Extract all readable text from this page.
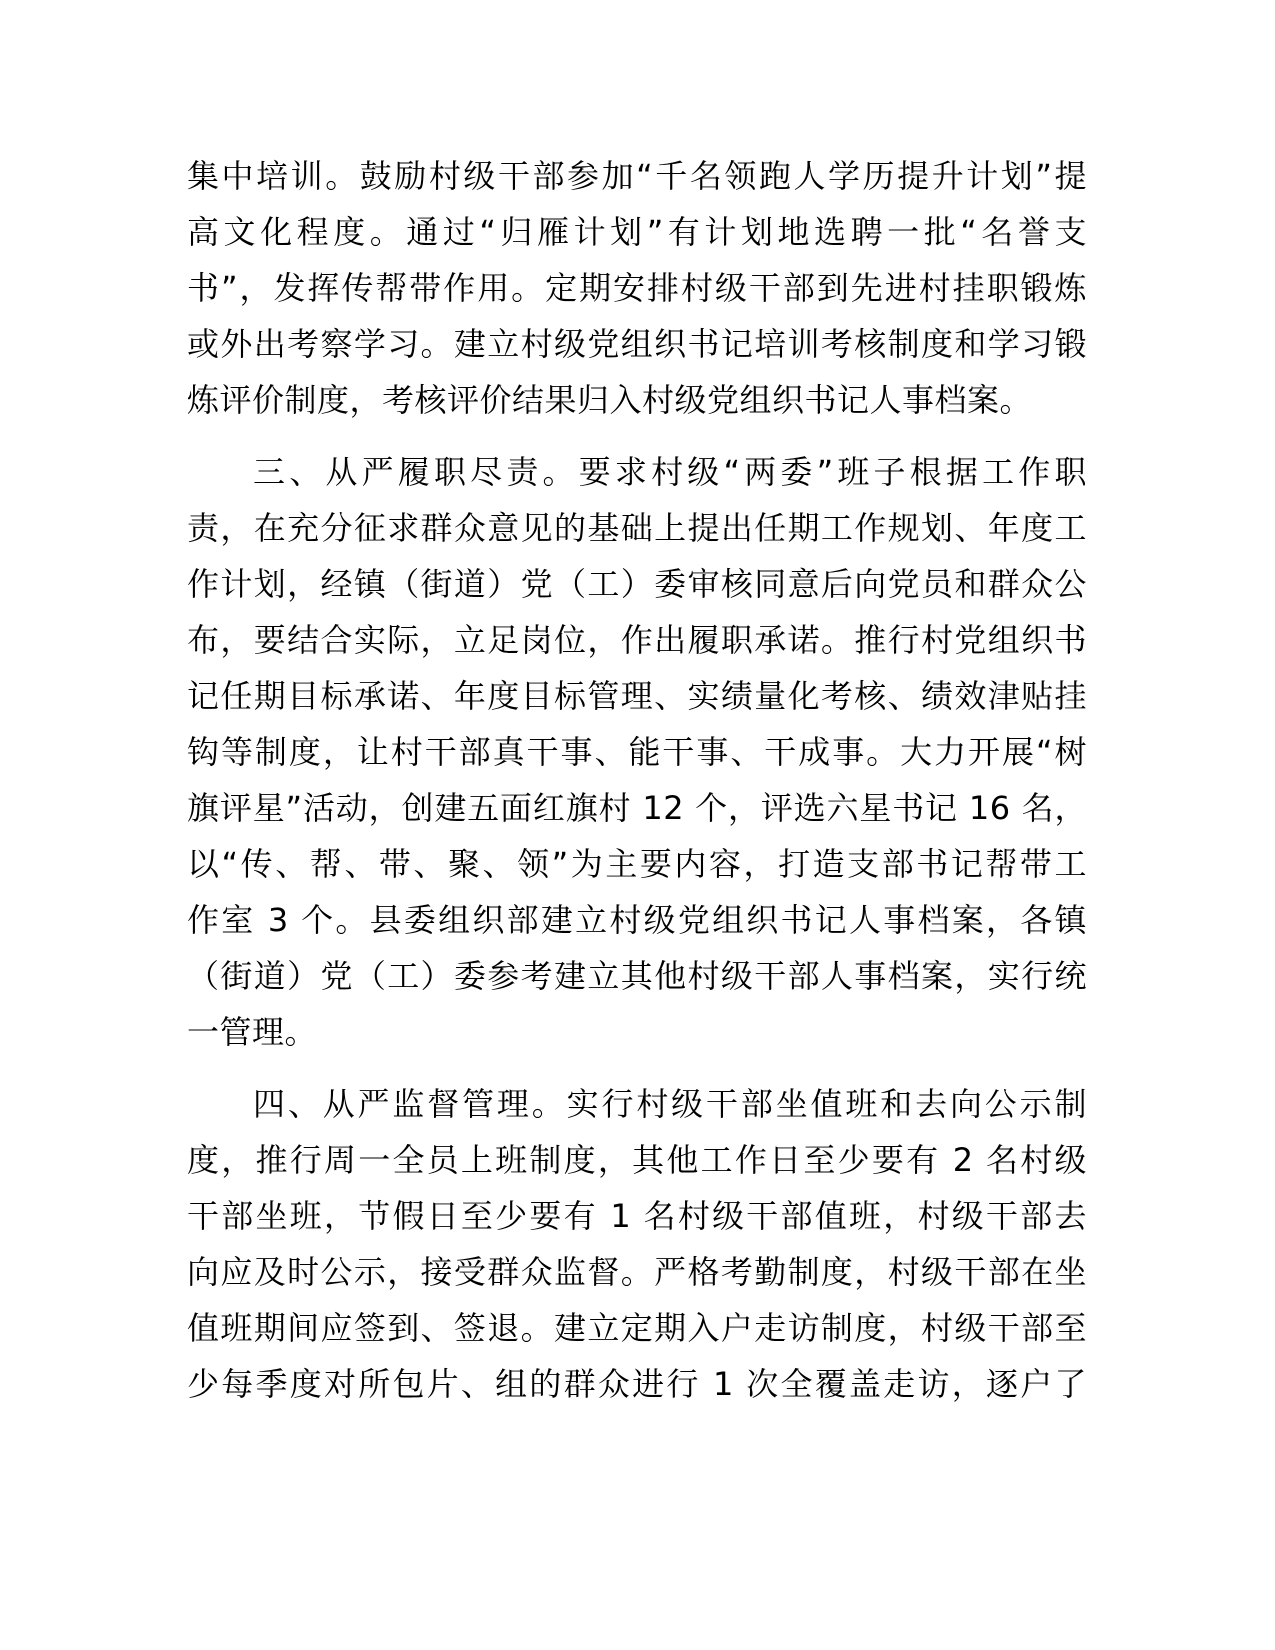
集中培训。鼓励村级干部参加“千名领跑人学历提升计划”提
高文化程度。通过“归雁计划”有计划地选聘一批“名誉支
书”，发挥传帮带作用。定期安排村级干部到先进村挂职锻炼
或外出考察学习。建立村级党组织书记培训考核制度和学习锻
炼评价制度，考核评价结果归入村级党组织书记人事档案。
三、从严履职尽责。要求村级“两委”班子根据工作职
责，在充分征求群众意见的基础上提出任期工作规划、年度工
作计划，经镇（街道）党（工）委审核同意后向党员和群众公
布，要结合实际，立足岗位，作出履职承诺。推行村党组织书
记任期目标承诺、年度目标管理、实绩量化考核、绩效津贴挂
钩等制度，让村干部真干事、能干事、干成事。大力开展“树
旗评星”活动，创建五面红旗村 12 个，评选六星书记 16 名，
以“传、帮、带、聚、领”为主要内容，打造支部书记帮带工
作室 3 个。县委组织部建立村级党组织书记人事档案，各镇
（街道）党（工）委参考建立其他村级干部人事档案，实行统
一管理。
四、从严监督管理。实行村级干部坐值班和去向公示制
度，推行周一全员上班制度，其他工作日至少要有 2 名村级
干部坐班，节假日至少要有 1 名村级干部值班，村级干部去
向应及时公示，接受群众监督。严格考勤制度，村级干部在坐
值班期间应签到、签退。建立定期入户走访制度，村级干部至
少每季度对所包片、组的群众进行 1 次全覆盖走访，逐户了
